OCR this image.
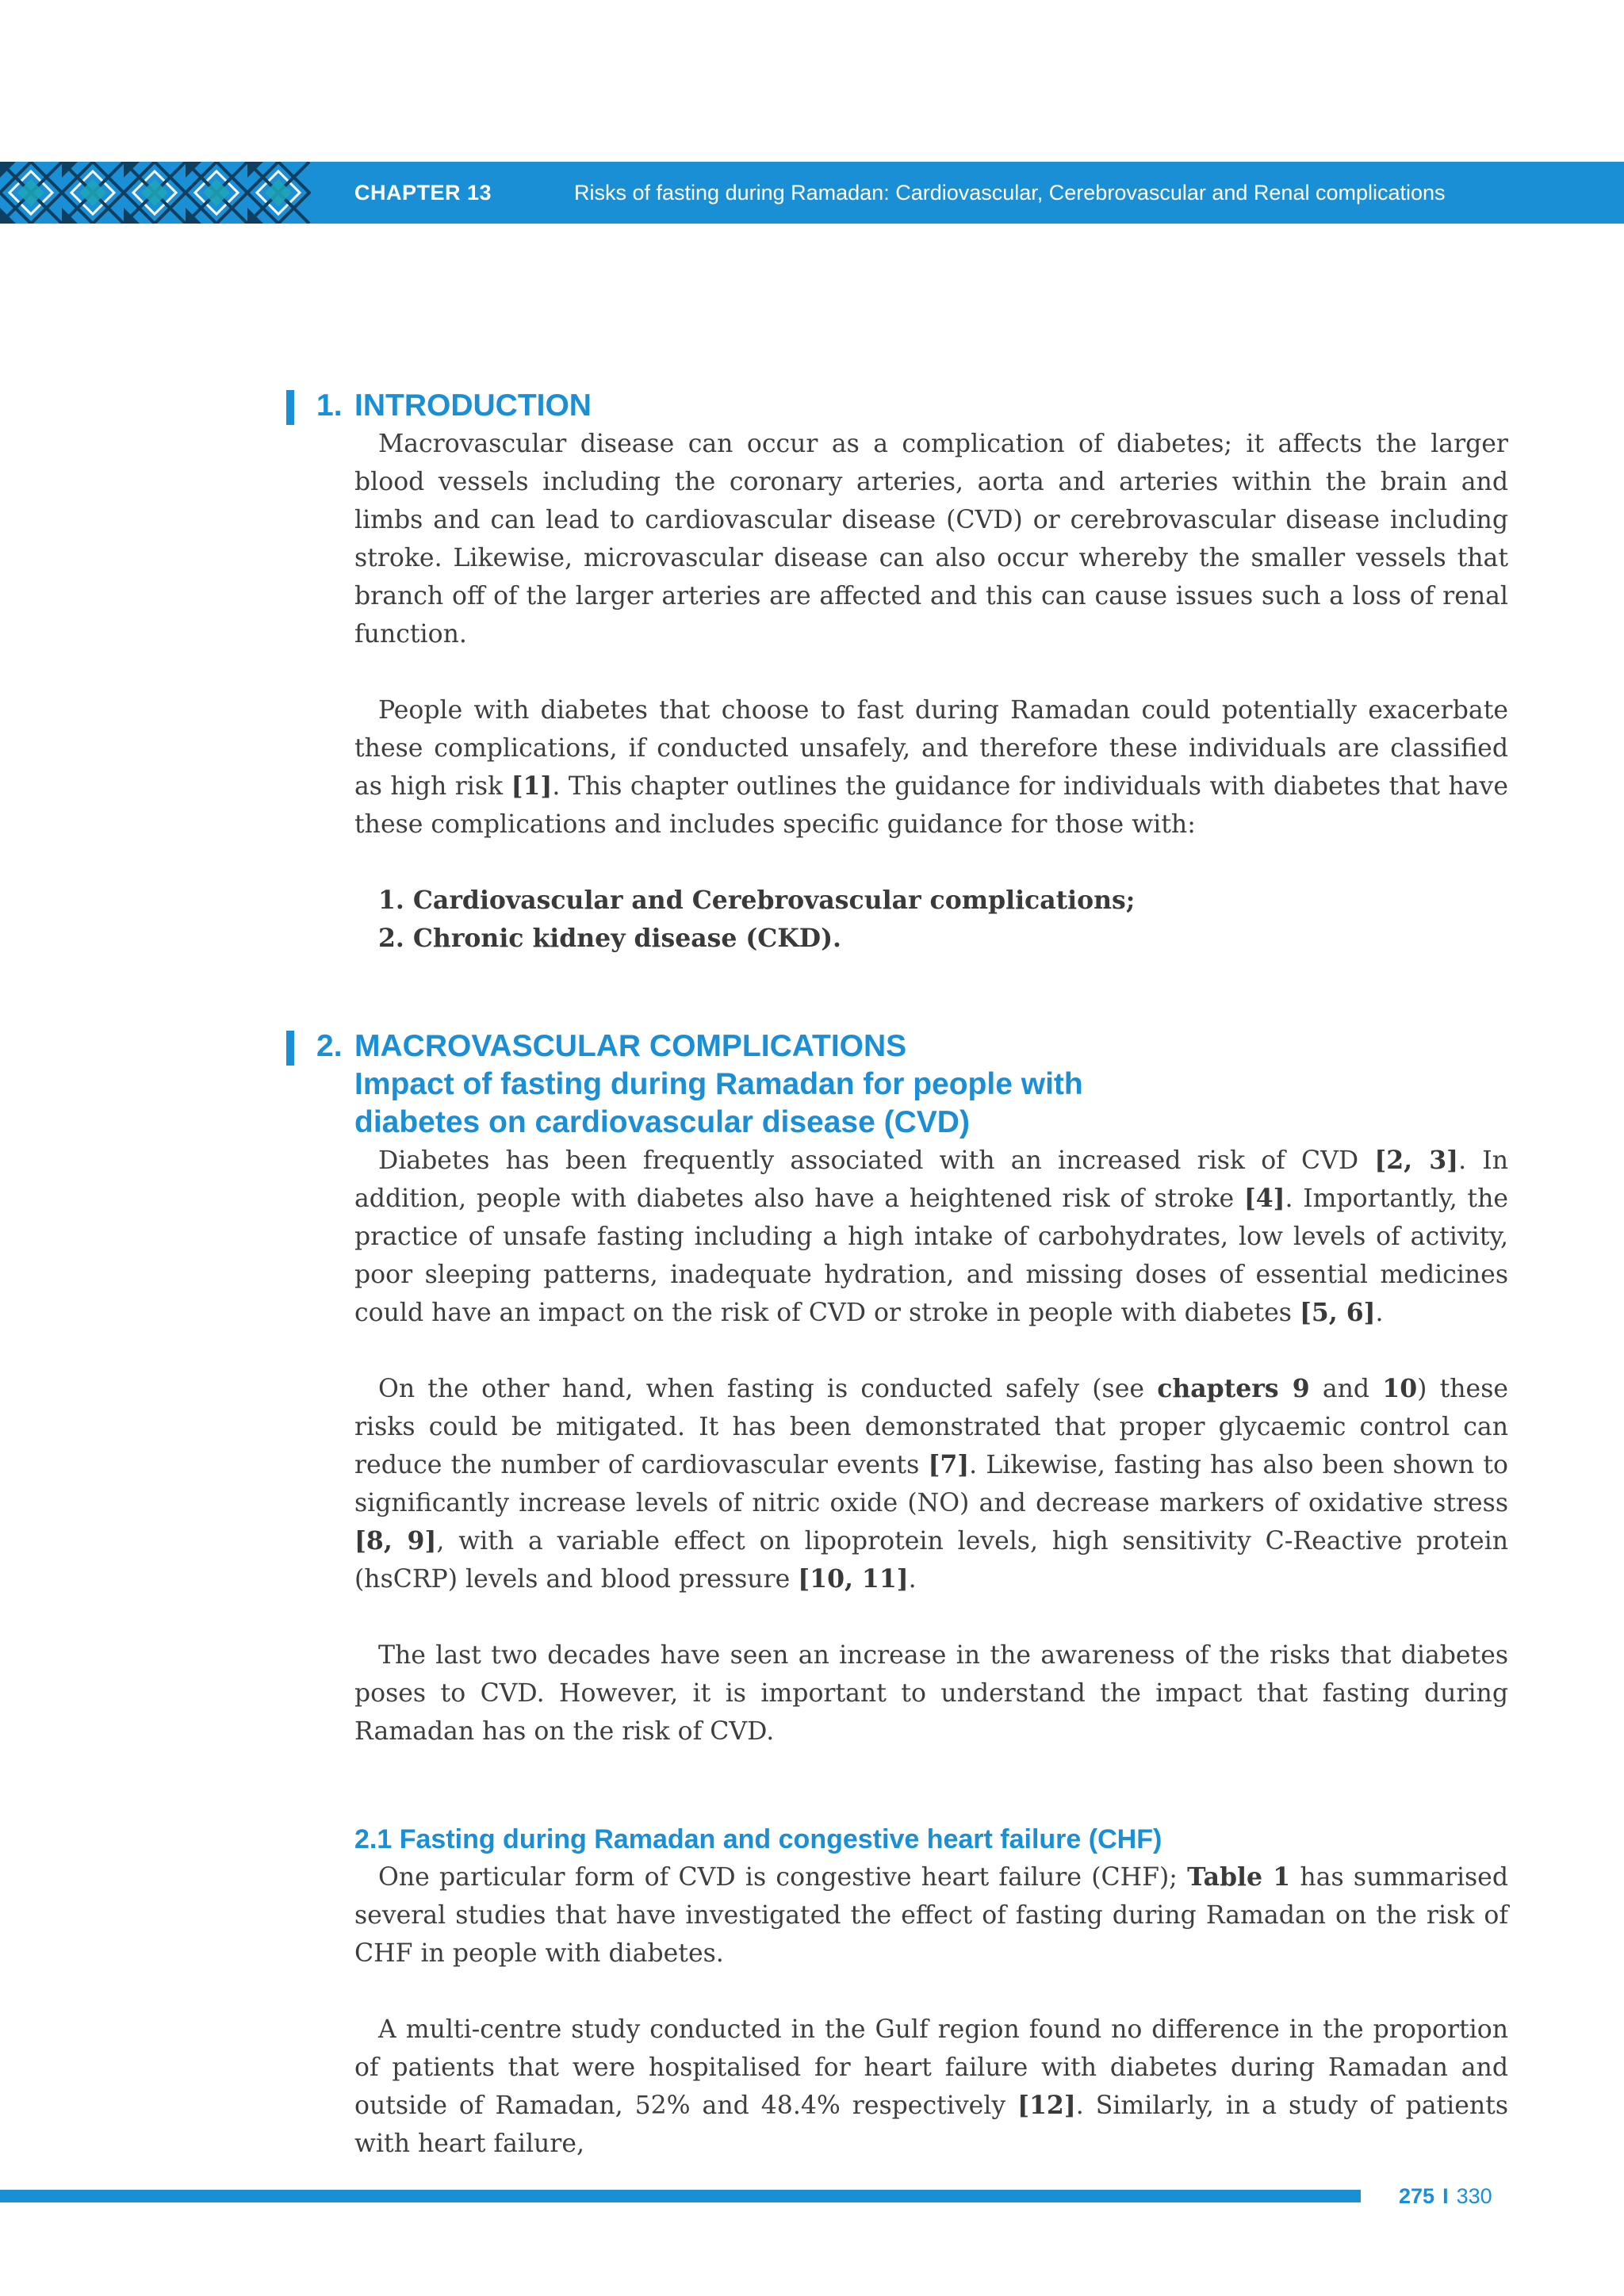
CHAPTER 13	Risks of fasting during Ramadan: Cardiovascular, Cerebrovascular and Renal complications
1. INTRODUCTION

Macrovascular disease can occur as a complication of diabetes; it affects the larger blood vessels including the coronary arteries, aorta and arteries within the brain and limbs and can lead to cardiovascular disease (CVD) or cerebrovascular disease including stroke. Likewise, microvascular disease can also occur whereby the smaller vessels that branch off of the larger arteries are affected and this can cause issues such a loss of renal function.

People with diabetes that choose to fast during Ramadan could potentially exacerbate these complications, if conducted unsafely, and therefore these individuals are classified as high risk [1]. This chapter outlines the guidance for individuals with diabetes that have these complications and includes specific guidance for those with:

1. Cardiovascular and Cerebrovascular complications;
2. Chronic kidney disease (CKD).
2. MACROVASCULAR COMPLICATIONS
Impact of fasting during Ramadan for people with
diabetes on cardiovascular disease (CVD)

Diabetes has been frequently associated with an increased risk of CVD [2, 3]. In addition, people with diabetes also have a heightened risk of stroke [4]. Importantly, the practice of unsafe fasting including a high intake of carbohydrates, low levels of activity, poor sleeping patterns, inadequate hydration, and missing doses of essential medicines could have an impact on the risk of CVD or stroke in people with diabetes [5, 6].

On the other hand, when fasting is conducted safely (see chapters 9 and 10) these risks could be mitigated. It has been demonstrated that proper glycaemic control can reduce the number of cardiovascular events [7]. Likewise, fasting has also been shown to significantly increase levels of nitric oxide (NO) and decrease markers of oxidative stress [8, 9], with a variable effect on lipoprotein levels, high sensitivity C-Reactive protein (hsCRP) levels and blood pressure [10, 11].

The last two decades have seen an increase in the awareness of the risks that diabetes poses to CVD. However, it is important to understand the impact that fasting during Ramadan has on the risk of CVD.

2.1 Fasting during Ramadan and congestive heart failure (CHF)

One particular form of CVD is congestive heart failure (CHF); Table 1 has summarised several studies that have investigated the effect of fasting during Ramadan on the risk of CHF in people with diabetes.

A multi-centre study conducted in the Gulf region found no difference in the proportion of patients that were hospitalised for heart failure with diabetes during Ramadan and outside of Ramadan, 52% and 48.4% respectively [12]. Similarly, in a study of patients with heart failure,

275 I 330
